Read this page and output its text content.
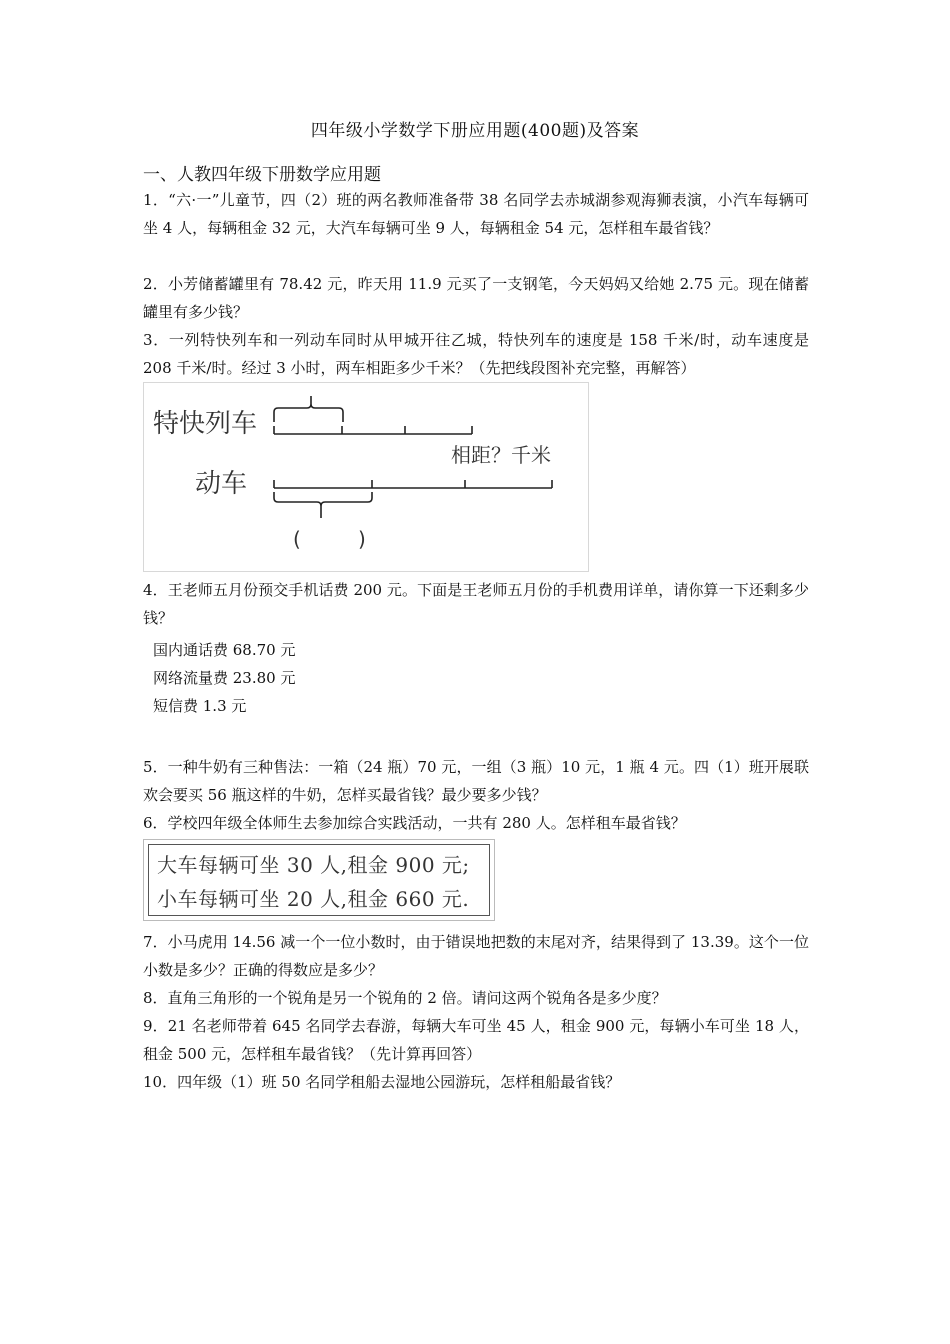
四年级小学数学下册应用题(400题)及答案
一、人教四年级下册数学应用题
1．“六·一”儿童节，四（2）班的两名教师准备带 38 名同学去赤城湖参观海狮表演，小汽车每辆可坐 4 人，每辆租金 32 元，大汽车每辆可坐 9 人，每辆租金 54 元，怎样租车最省钱？
2．小芳储蓄罐里有 78.42 元，昨天用 11.9 元买了一支钢笔，今天妈妈又给她 2.75 元。现在储蓄罐里有多少钱？
3．一列特快列车和一列动车同时从甲城开往乙城，特快列车的速度是 158 千米/时，动车速度是 208 千米/时。经过 3 小时，两车相距多少千米？（先把线段图补充完整，再解答）
特快列车
动车
相距？千米
(         )
4．王老师五月份预交手机话费 200 元。下面是王老师五月份的手机费用详单，请你算一下还剩多少钱？
国内通话费 68.70 元
网络流量费 23.80 元
短信费 1.3 元
5．一种牛奶有三种售法：一箱（24 瓶）70 元，一组（3 瓶）10 元，1 瓶 4 元。四（1）班开展联欢会要买 56 瓶这样的牛奶，怎样买最省钱？最少要多少钱？
6．学校四年级全体师生去参加综合实践活动，一共有 280 人。怎样租车最省钱？
大车每辆可坐 30 人,租金 900 元;
小车每辆可坐 20 人,租金 660 元.
7．小马虎用 14.56 减一个一位小数时，由于错误地把数的末尾对齐，结果得到了 13.39。这个一位小数是多少？正确的得数应是多少？
8．直角三角形的一个锐角是另一个锐角的 2 倍。请问这两个锐角各是多少度？
9．21 名老师带着 645 名同学去春游，每辆大车可坐 45 人，租金 900 元，每辆小车可坐 18 人，租金 500 元，怎样租车最省钱？（先计算再回答）
10．四年级（1）班 50 名同学租船去湿地公园游玩，怎样租船最省钱？
